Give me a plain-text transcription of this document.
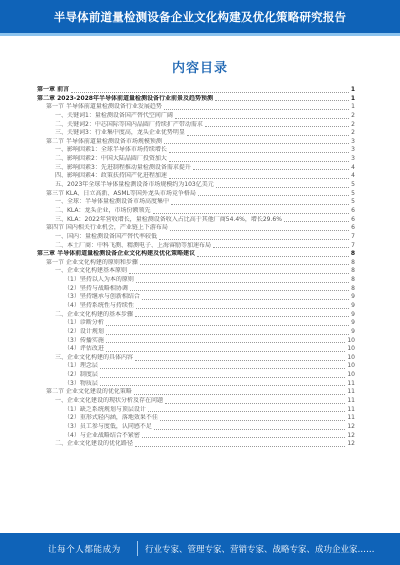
半导体前道量检测设备企业文化构建及优化策略研究报告
内容目录
第一章 前言	1
第二章 2023-2028年半导体前道量检测设备行业前景及趋势预测	1
第一节 半导体前道量检测设备行业发展趋势	1
一、关键词1：量检测设备国产替代空间广阔	2
二、关键词2：中芯国际等国内晶圆厂持续扩产带动需求	2
三、关键词3：行业集中度高，龙头企业优势明显	2
第二节 半导体前道量检测设备市场规模预测	3
一、影响因素1：全球半导体市场持续增长	3
二、影响因素2：中国大陆晶圆厂投资加大	3
三、影响因素3：先进制程推动量检测设备需求提升	4
四、影响因素4：政策扶持国产化进程加速	4
五、2023年全球半导体量检测设备市场规模约为103亿美元	5
第三节 KLA、日立高新、ASML等国外龙头市场竞争格局	5
一、全球：半导体量检测设备市场高度集中	5
二、KLA：龙头企业，市场份额领先	6
三、KLA：2022年营收增长，量检测设备收入占比高于其他厂商54.4%，增长29.6%	6
第四节 国内相关行业机会，产业链上下游布局	6
一、国内：量检测设备国产替代率较低	7
二、本土厂商：中科飞测、精测电子、上海睿励等加速布局	7
第三章 半导体前道量检测设备企业文化构建及优化策略建议	8
第一节 企业文化构建的原则和步骤	8
一、企业文化构建基本原则	8
（1）坚持以人为本的原则	8
（2）坚持与战略相协调	8
（3）坚持继承与创新相结合	9
（4）坚持系统性与持续性	9
二、企业文化构建的基本步骤	9
（1）诊断分析	9
（2）设计规划	9
（3）传播实施	10
（4）评估改进	10
三、企业文化构建的具体内容	10
（1）理念层	10
（2）制度层	10
（3）物质层	11
第二节 企业文化建设的优化策略	11
一、企业文化建设的现状分析及存在问题	11
（1）缺乏系统规划与顶层设计	11
（2）重形式轻内涵，落地效果不佳	11
（3）员工参与度低，认同感不足	12
（4）与企业战略结合不紧密	12
二、企业文化建设的优化路径	12
让每个人都能成为	行业专家、管理专家、营销专家、战略专家、成功企业家……
